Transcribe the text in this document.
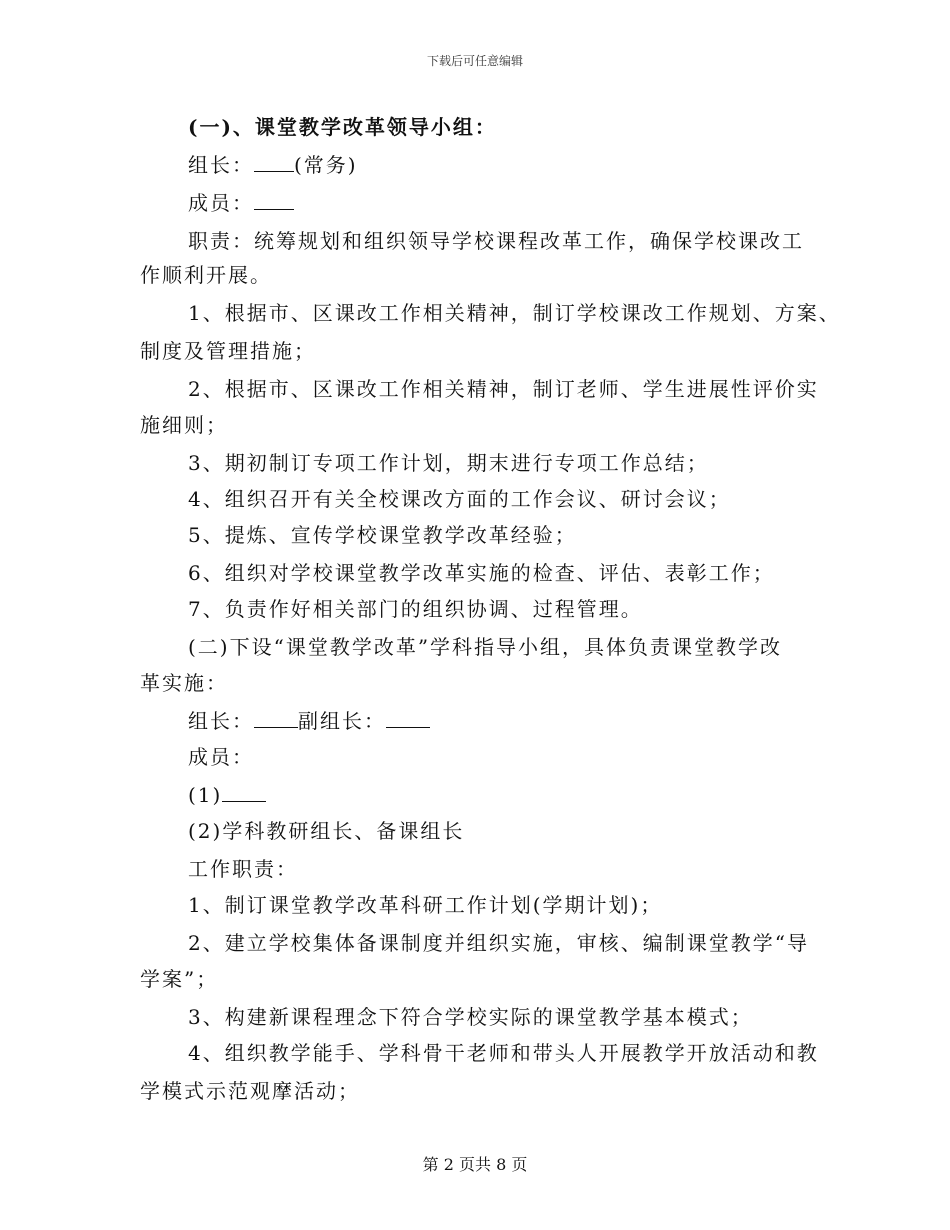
下载后可任意编辑
(一)、课堂教学改革领导小组：
组长： (常务)
成员：
职责：统筹规划和组织领导学校课程改革工作，确保学校课改工
作顺利开展。
1、根据市、区课改工作相关精神，制订学校课改工作规划、方案、
制度及管理措施；
2、根据市、区课改工作相关精神，制订老师、学生进展性评价实
施细则；
3、期初制订专项工作计划，期末进行专项工作总结；
4、组织召开有关全校课改方面的工作会议、研讨会议；
5、提炼、宣传学校课堂教学改革经验；
6、组织对学校课堂教学改革实施的检查、评估、表彰工作；
7、负责作好相关部门的组织协调、过程管理。
(二)下设“课堂教学改革”学科指导小组，具体负责课堂教学改
革实施：
组长： 副组长：
成员：
(1)
(2)学科教研组长、备课组长
工作职责：
1、制订课堂教学改革科研工作计划(学期计划)；
2、建立学校集体备课制度并组织实施，审核、编制课堂教学“导
学案”；
3、构建新课程理念下符合学校实际的课堂教学基本模式；
4、组织教学能手、学科骨干老师和带头人开展教学开放活动和教
学模式示范观摩活动；
第 2 页共 8 页
